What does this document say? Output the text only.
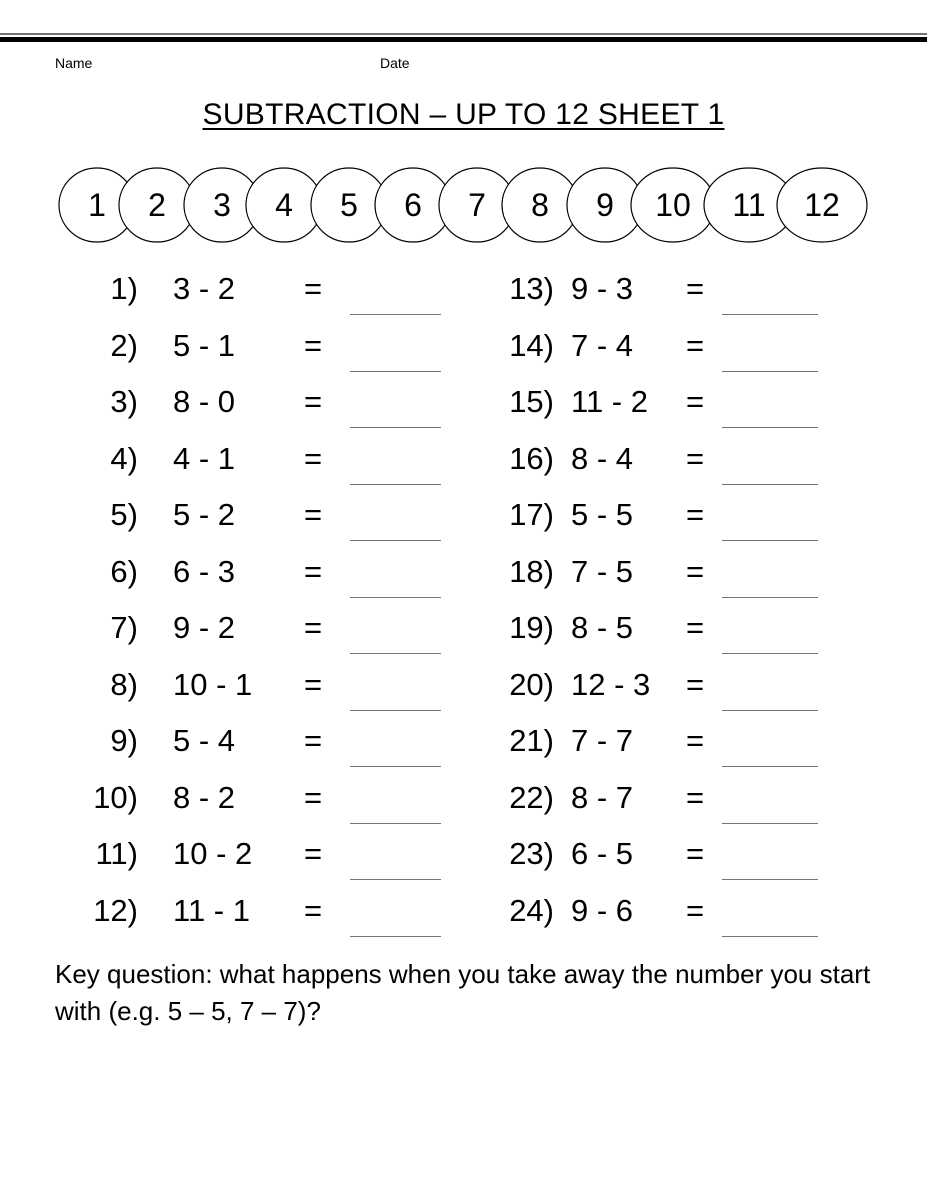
Name	Date
SUBTRACTION – UP TO 12 SHEET 1
1 2 3 4 5 6 7 8 9 10 11 12
1) 3 - 2 =
2) 5 - 1 =
3) 8 - 0 =
4) 4 - 1 =
5) 5 - 2 =
6) 6 - 3 =
7) 9 - 2 =
8) 10 - 1 =
9) 5 - 4 =
10) 8 - 2 =
11) 10 - 2 =
12) 11 - 1 =
13) 9 - 3 =
14) 7 - 4 =
15) 11 - 2 =
16) 8 - 4 =
17) 5 - 5 =
18) 7 - 5 =
19) 8 - 5 =
20) 12 - 3 =
21) 7 - 7 =
22) 8 - 7 =
23) 6 - 5 =
24) 9 - 6 =
Key question: what happens when you take away the number you start with (e.g. 5 – 5, 7 – 7)?
